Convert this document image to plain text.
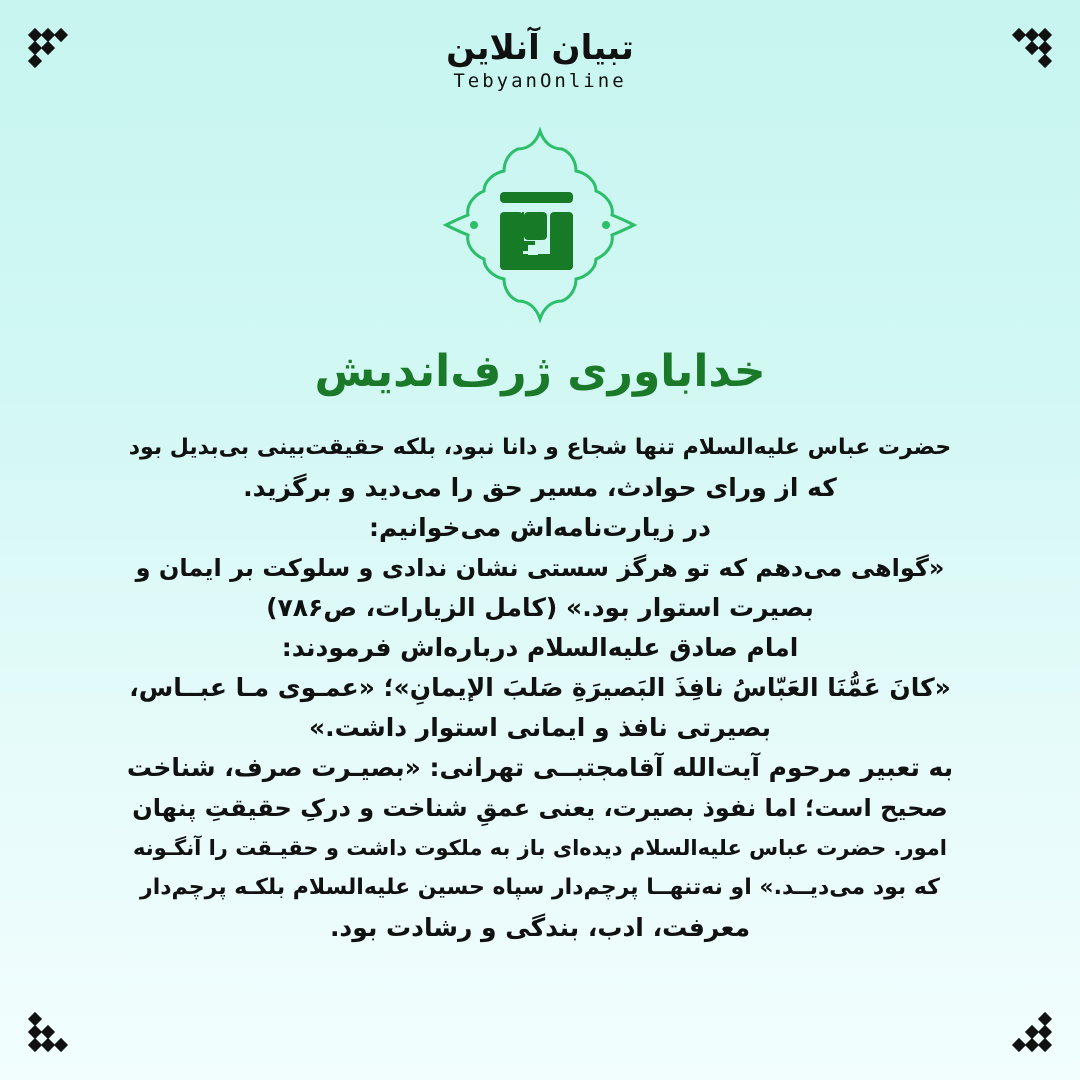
تبیان آنلاین
TebyanOnline
خداباوری ژرف‌اندیش
حضرت عباس علیه‌السلام تنها شجاع و دانا نبود، بلکه حقیقت‌بینی بی‌بدیل بود
که از ورای حوادث، مسیر حق را می‌دید و برگزید.
در زیارت‌نامه‌اش می‌خوانیم:
«گواهی می‌دهم که تو هرگز سستی نشان ندادی و سلوکت بر ایمان و
بصیرت استوار بود.» (کامل الزیارات، ص۷۸۶)
امام صادق علیه‌السلام درباره‌اش فرمودند:
«کانَ عَمُّنَا العَبّاسُ نافِذَ البَصیرَةِ صَلبَ الإیمانِ»؛ «عمـوی مـا عبــاس،
بصیرتی نافذ و ایمانی استوار داشت.»
به تعبیر مرحوم آیت‌الله آقامجتبــی تهرانی: «بصیـرت صرف، شناخت
صحیح است؛ اما نفوذ بصیرت، یعنی عمقِ شناخت و درکِ حقیقتِ پنهان
امور. حضرت عباس علیه‌السلام دیده‌ای باز به ملکوت داشت و حقیـقت را آنگـونه
که بود می‌دیــد.» او نه‌تنهــا پرچم‌دار سپاه حسین علیه‌السلام بلکـه پرچم‌دار
معرفت، ادب، بندگی و رشادت بود.
